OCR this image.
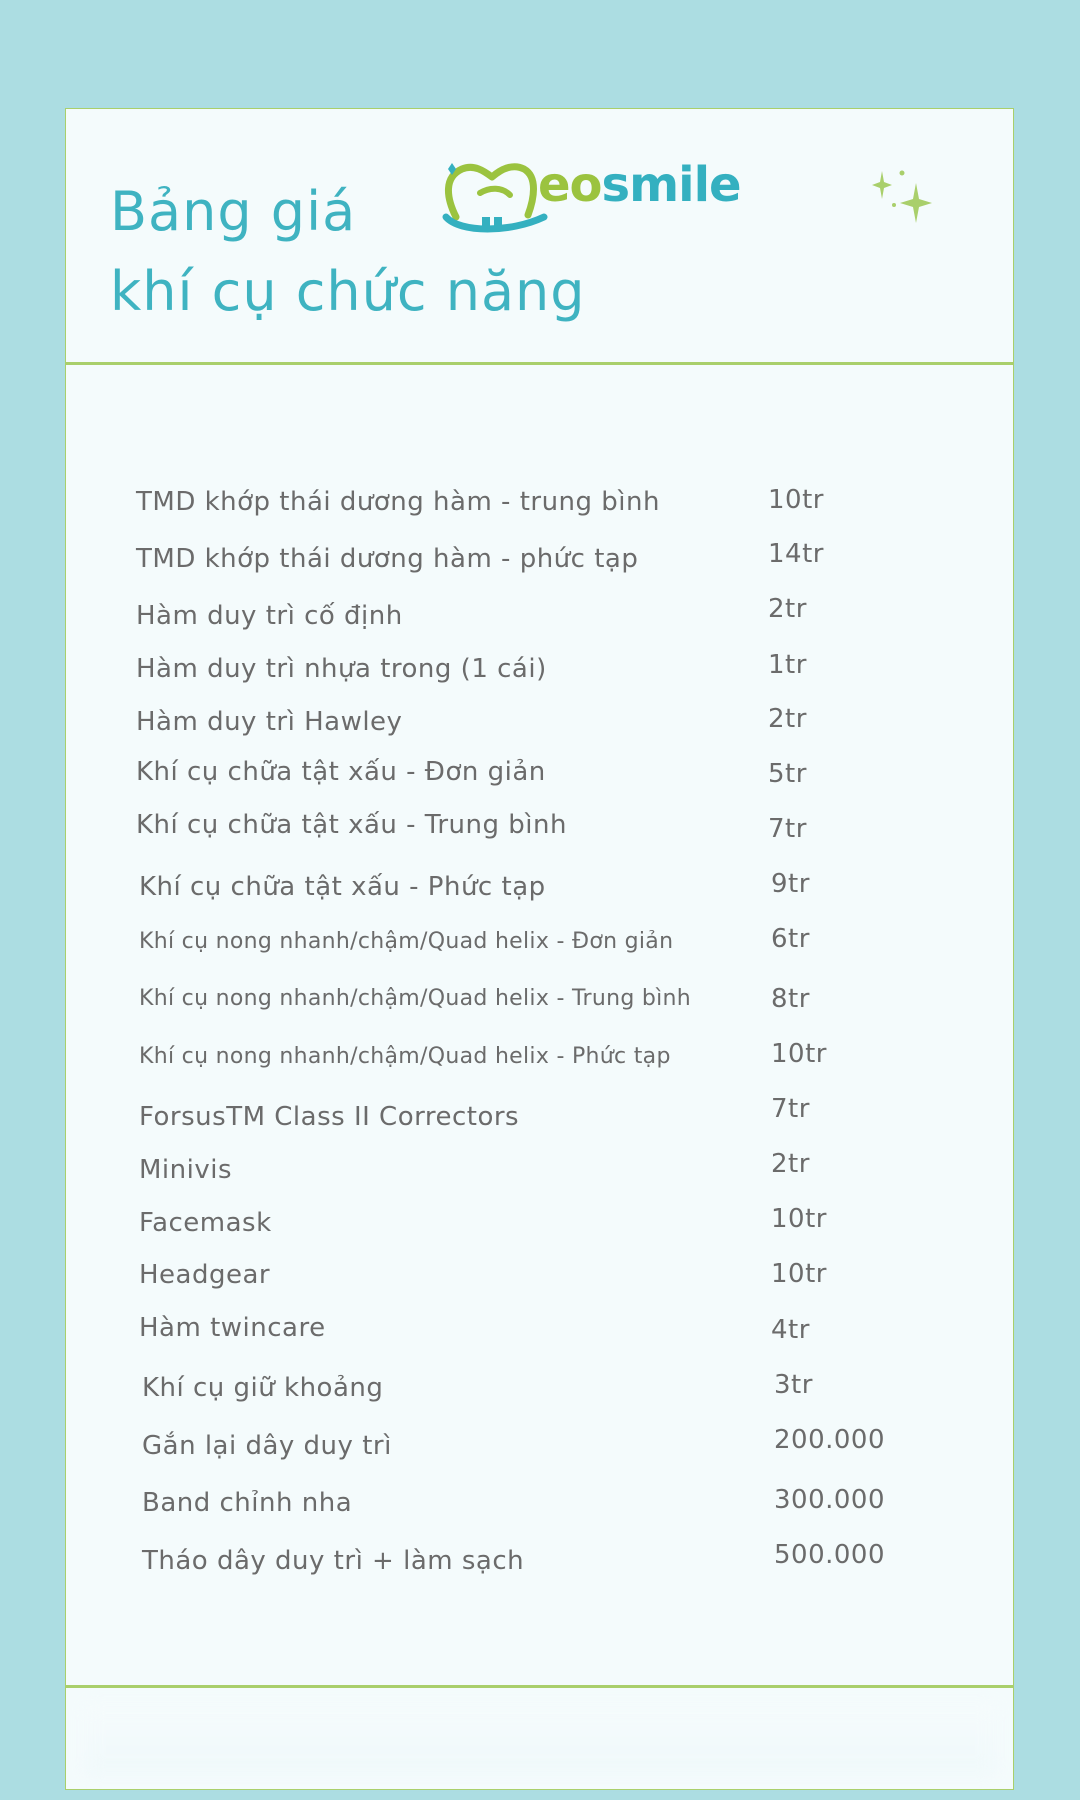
Bảng giá
khí cụ chức năng
eosmile
TMD khớp thái dương hàm - trung bình	10tr
TMD khớp thái dương hàm - phức tạp	14tr
Hàm duy trì cố định	2tr
Hàm duy trì nhựa trong (1 cái)	1tr
Hàm duy trì Hawley	2tr
Khí cụ chữa tật xấu - Đơn giản	5tr
Khí cụ chữa tật xấu - Trung bình	7tr
Khí cụ chữa tật xấu - Phức tạp	9tr
Khí cụ nong nhanh/chậm/Quad helix - Đơn giản	6tr
Khí cụ nong nhanh/chậm/Quad helix - Trung bình	8tr
Khí cụ nong nhanh/chậm/Quad helix - Phức tạp	10tr
ForsusTM Class II Correctors	7tr
Minivis	2tr
Facemask	10tr
Headgear	10tr
Hàm twincare	4tr
Khí cụ giữ khoảng	3tr
Gắn lại dây duy trì	200.000
Band chỉnh nha	300.000
Tháo dây duy trì + làm sạch	500.000
